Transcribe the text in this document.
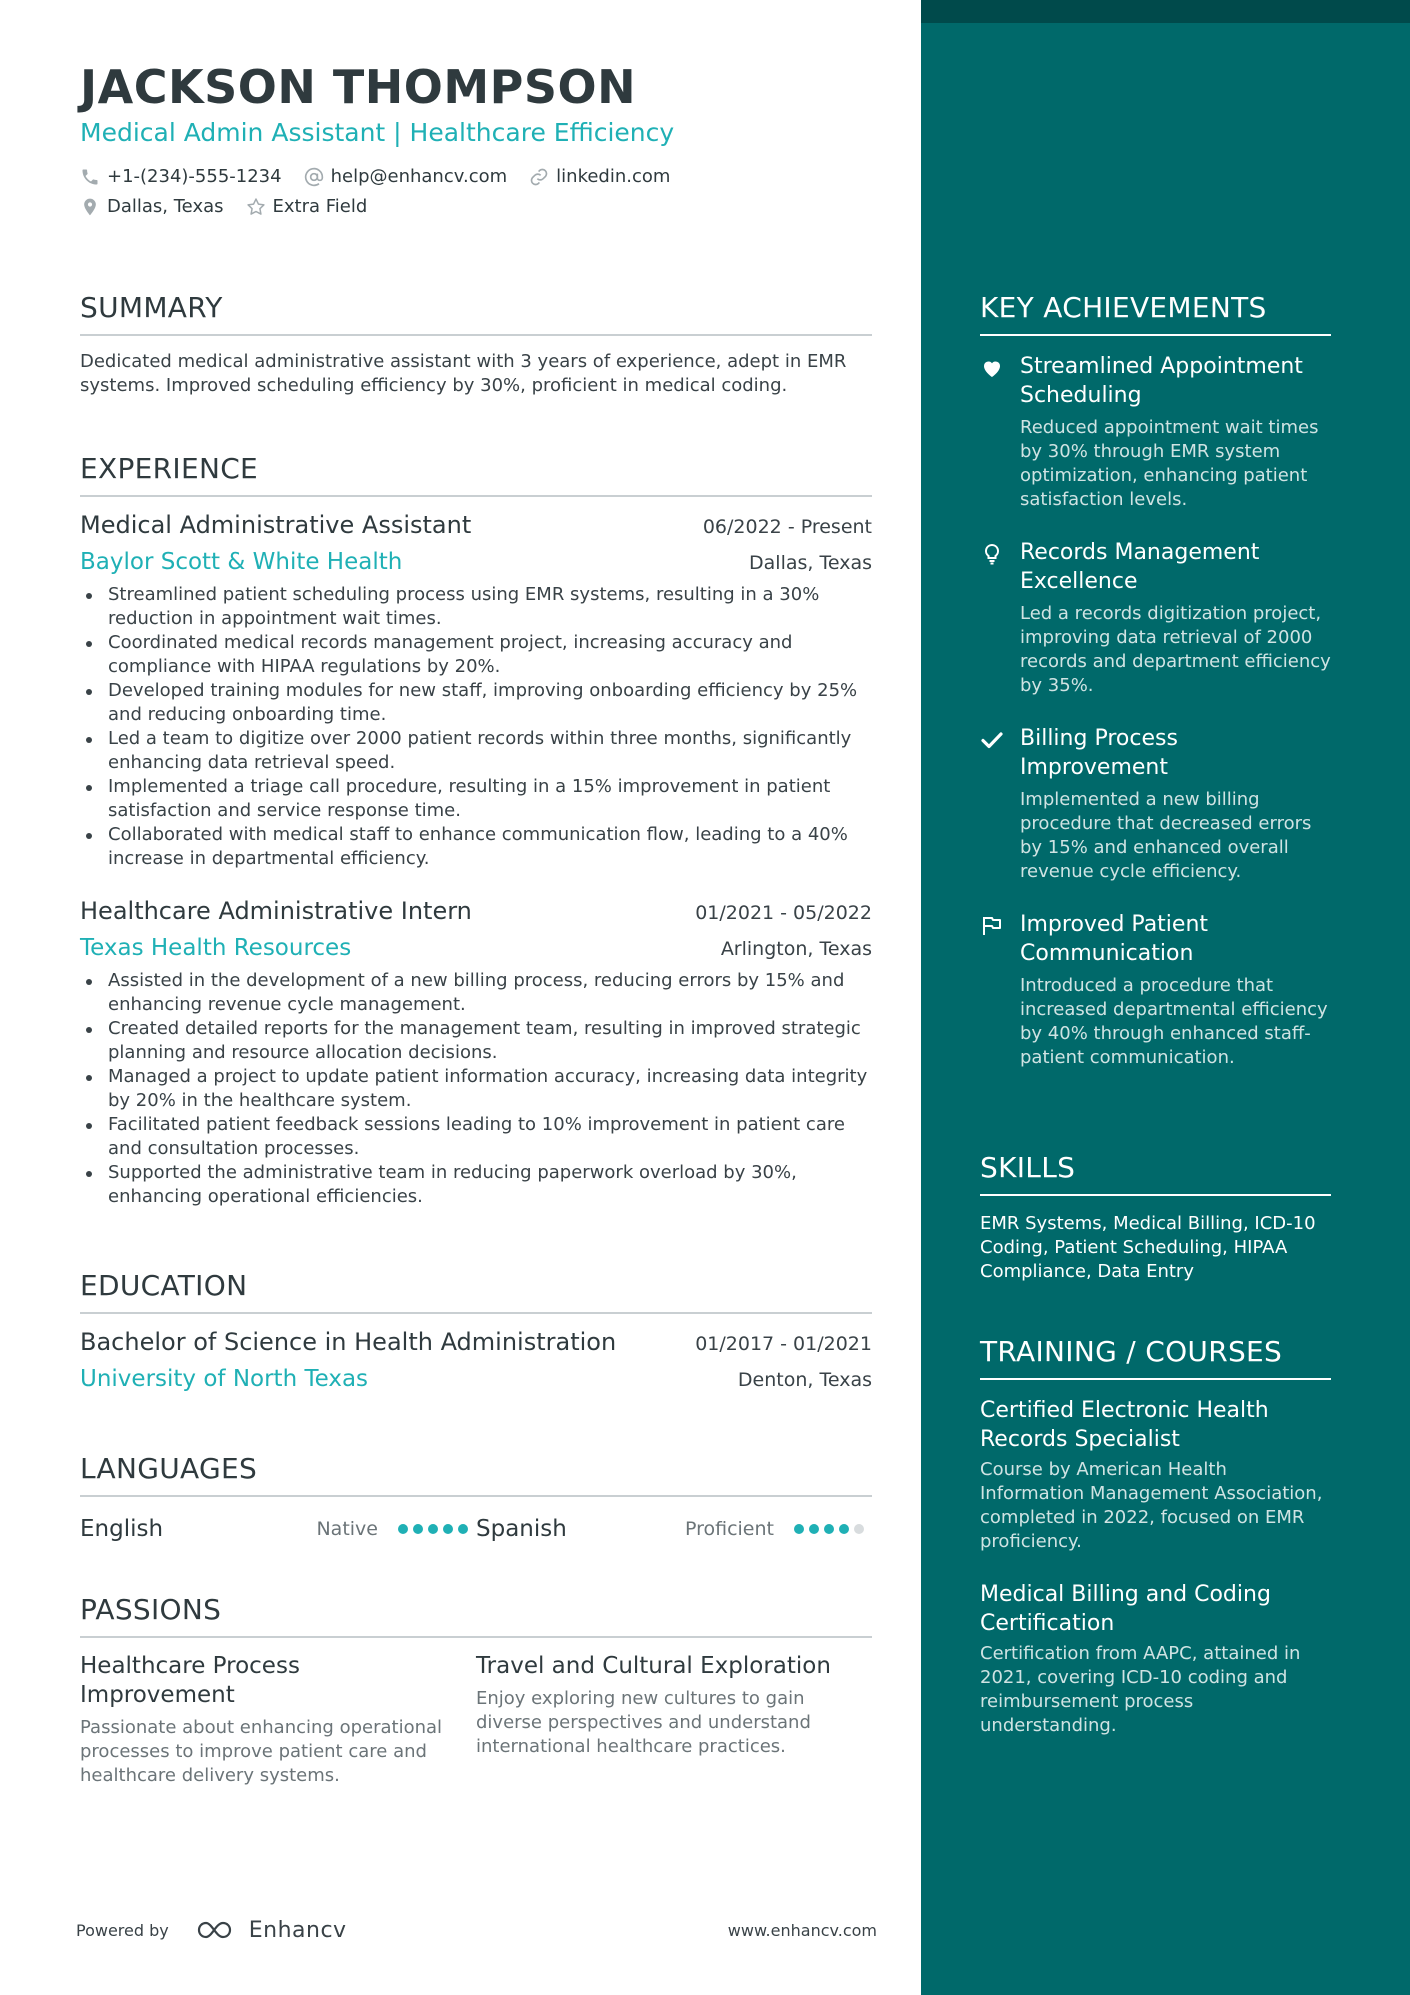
JACKSON THOMPSON
Medical Admin Assistant | Healthcare Efficiency
+1-(234)-555-1234	help@enhancv.com	linkedin.com
Dallas, Texas	Extra Field
SUMMARY
Dedicated medical administrative assistant with 3 years of experience, adept in EMR systems. Improved scheduling efficiency by 30%, proficient in medical coding.
EXPERIENCE
Medical Administrative Assistant	06/2022 - Present
Baylor Scott & White Health	Dallas, Texas
Streamlined patient scheduling process using EMR systems, resulting in a 30% reduction in appointment wait times.
Coordinated medical records management project, increasing accuracy and compliance with HIPAA regulations by 20%.
Developed training modules for new staff, improving onboarding efficiency by 25% and reducing onboarding time.
Led a team to digitize over 2000 patient records within three months, significantly enhancing data retrieval speed.
Implemented a triage call procedure, resulting in a 15% improvement in patient satisfaction and service response time.
Collaborated with medical staff to enhance communication flow, leading to a 40% increase in departmental efficiency.
Healthcare Administrative Intern	01/2021 - 05/2022
Texas Health Resources	Arlington, Texas
Assisted in the development of a new billing process, reducing errors by 15% and enhancing revenue cycle management.
Created detailed reports for the management team, resulting in improved strategic planning and resource allocation decisions.
Managed a project to update patient information accuracy, increasing data integrity by 20% in the healthcare system.
Facilitated patient feedback sessions leading to 10% improvement in patient care and consultation processes.
Supported the administrative team in reducing paperwork overload by 30%, enhancing operational efficiencies.
EDUCATION
Bachelor of Science in Health Administration	01/2017 - 01/2021
University of North Texas	Denton, Texas
LANGUAGES
English	Native	Spanish	Proficient
PASSIONS
Healthcare Process Improvement
Passionate about enhancing operational processes to improve patient care and healthcare delivery systems.
Travel and Cultural Exploration
Enjoy exploring new cultures to gain diverse perspectives and understand international healthcare practices.
Powered by	Enhancv	www.enhancv.com
KEY ACHIEVEMENTS
Streamlined Appointment Scheduling
Reduced appointment wait times by 30% through EMR system optimization, enhancing patient satisfaction levels.
Records Management Excellence
Led a records digitization project, improving data retrieval of 2000 records and department efficiency by 35%.
Billing Process Improvement
Implemented a new billing procedure that decreased errors by 15% and enhanced overall revenue cycle efficiency.
Improved Patient Communication
Introduced a procedure that increased departmental efficiency by 40% through enhanced staff-patient communication.
SKILLS
EMR Systems, Medical Billing, ICD-10 Coding, Patient Scheduling, HIPAA Compliance, Data Entry
TRAINING / COURSES
Certified Electronic Health Records Specialist
Course by American Health Information Management Association, completed in 2022, focused on EMR proficiency.
Medical Billing and Coding Certification
Certification from AAPC, attained in 2021, covering ICD-10 coding and reimbursement process understanding.
